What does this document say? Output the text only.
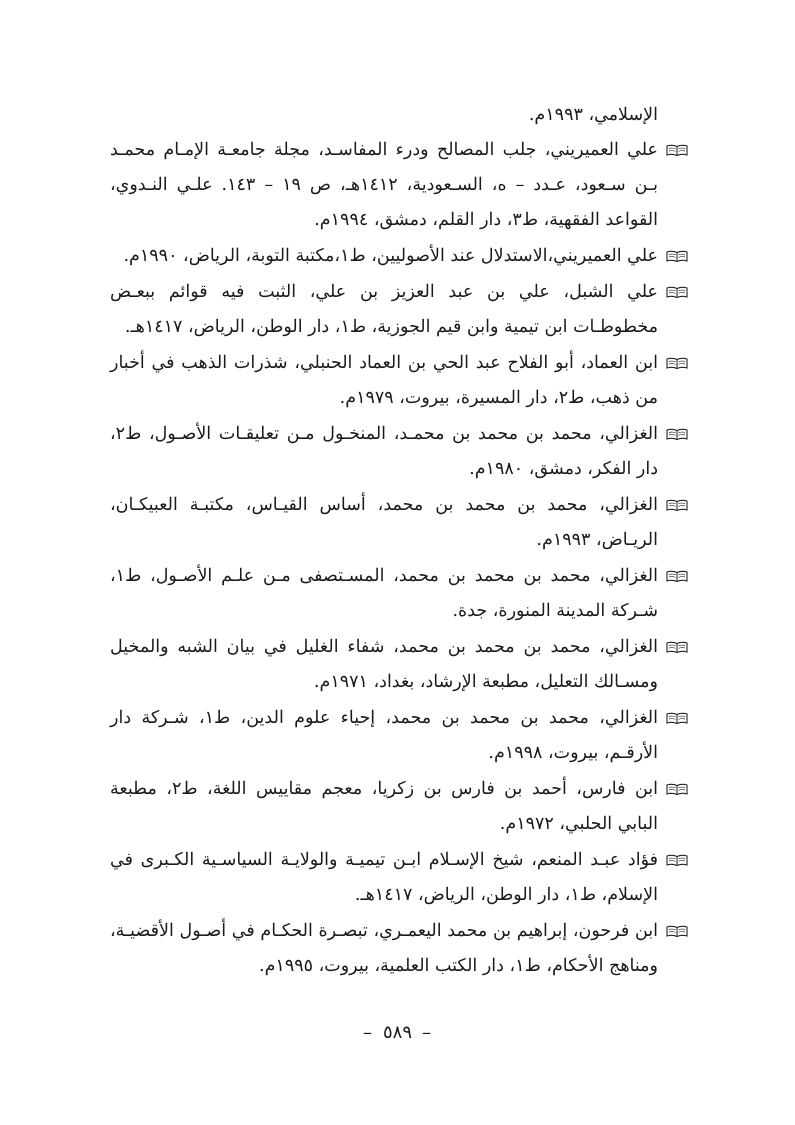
الإسلامي، ١٩٩٣م.
علي العميريني، جلب المصالح ودرء المفاسـد، مجلة جامعـة الإمـام محمـد بـن سـعود، عـدد – ه، السـعودية، ١٤١٢هـ، ص ١٩ – ١٤٣. علـي النـدوي، القواعد الفقهية، ط٣، دار القلم، دمشق، ١٩٩٤م.
علي العميريني،الاستدلال عند الأصوليين، ط١،مكتبة التوبة، الرياض، ١٩٩٠م.
علي الشبل، علي بن عبد العزيز بن علي، الثبت فيه قوائم ببعـض مخطوطـات ابن تيمية وابن قيم الجوزية، ط١، دار الوطن، الرياض، ١٤١٧هـ.
ابن العماد، أبو الفلاح عبد الحي بن العماد الحنبلي، شذرات الذهب في أخبار من ذهب، ط٢، دار المسيرة، بيروت، ١٩٧٩م.
الغزالي، محمد بن محمد بن محمـد، المنخـول مـن تعليقـات الأصـول، ط٢، دار الفكر، دمشق، ١٩٨٠م.
الغزالي، محمد بن محمد بن محمد، أساس القيـاس، مكتبـة العبيكـان، الريـاض، ١٩٩٣م.
الغزالي، محمد بن محمد بن محمد، المسـتصفى مـن علـم الأصـول، ط١، شـركة المدينة المنورة، جدة.
الغزالي، محمد بن محمد بن محمد، شفاء الغليل في بيان الشبه والمخيل ومسـالك التعليل، مطبعة الإرشاد، بغداد، ١٩٧١م.
الغزالي، محمد بن محمد بن محمد، إحياء علوم الدين، ط١، شـركة دار الأرقـم، بيروت، ١٩٩٨م.
ابن فارس، أحمد بن فارس بن زكريا، معجم مقاييس اللغة، ط٢، مطبعة البابي الحلبي، ١٩٧٢م.
فؤاد عبـد المنعم، شيخ الإسـلام ابـن تيميـة والولايـة السياسـية الكـبرى في الإسلام، ط١، دار الوطن، الرياض، ١٤١٧هـ.
ابن فرحون، إبراهيم بن محمد اليعمـري، تبصـرة الحكـام في أصـول الأقضيـة، ومناهج الأحكام، ط١، دار الكتب العلمية، بيروت، ١٩٩٥م.
–٥٨٩–
